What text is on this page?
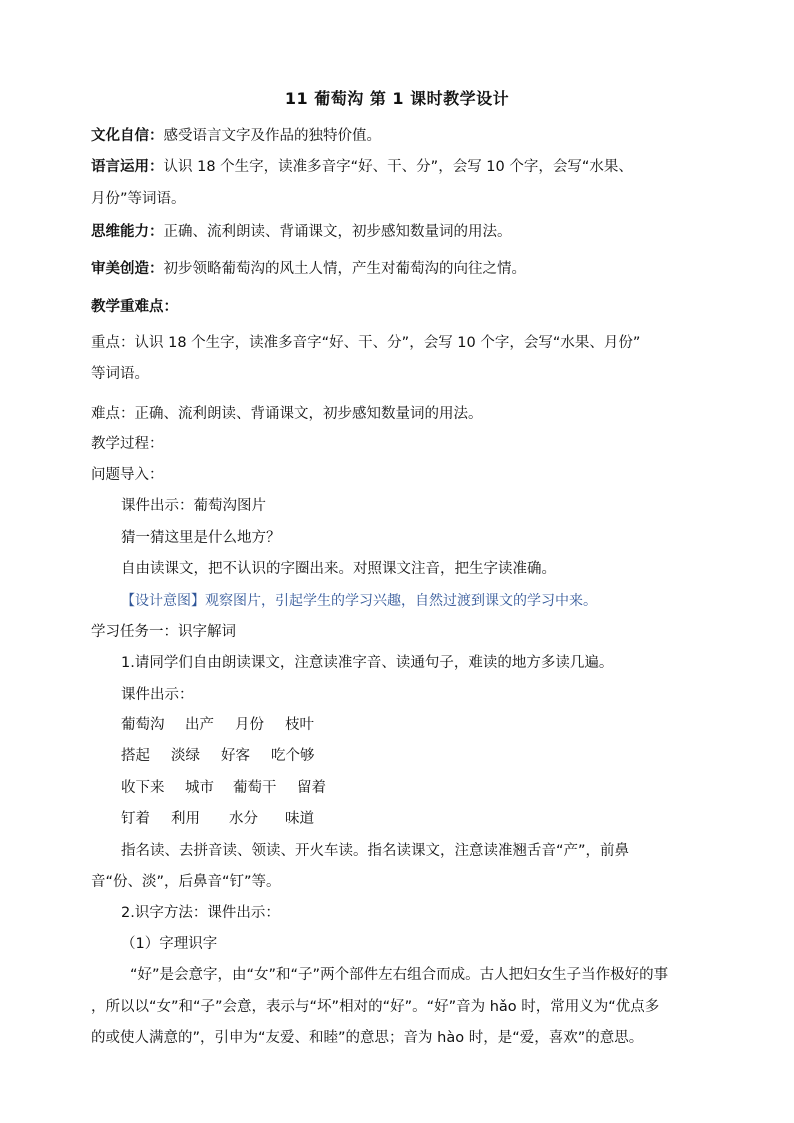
11 葡萄沟 第 1 课时教学设计
文化自信：感受语言文字及作品的独特价值。
语言运用：认识 18 个生字，读准多音字“好、干、分”，会写 10 个字，会写“水果、
月份”等词语。
思维能力：正确、流利朗读、背诵课文，初步感知数量词的用法。
审美创造：初步领略葡萄沟的风土人情，产生对葡萄沟的向往之情。
教学重难点：
重点：认识 18 个生字，读准多音字“好、干、分”，会写 10 个字，会写“水果、月份”
等词语。
难点：正确、流利朗读、背诵课文，初步感知数量词的用法。
教学过程：
问题导入：
课件出示：葡萄沟图片
猜一猜这里是什么地方？
自由读课文，把不认识的字圈出来。对照课文注音，把生字读准确。
【设计意图】观察图片，引起学生的学习兴趣，自然过渡到课文的学习中来。
学习任务一：识字解词
1.请同学们自由朗读课文，注意读准字音、读通句子，难读的地方多读几遍。
课件出示：
葡萄沟 出产 月份 枝叶
搭起 淡绿 好客 吃个够
收下来 城市 葡萄干 留着
钉着 利用 水分 味道
指名读、去拼音读、领读、开火车读。指名读课文，注意读准翘舌音“产”，前鼻
音“份、淡”，后鼻音“钉”等。
2.识字方法：课件出示：
（1）字理识字
“好”是会意字，由“女”和“子”两个部件左右组合而成。古人把妇女生子当作极好的事
，所以以“女”和“子”会意，表示与“坏”相对的“好”。“好”音为 hǎo 时，常用义为“优点多
的或使人满意的”，引申为“友爱、和睦”的意思；音为 hào 时，是“爱，喜欢”的意思。
